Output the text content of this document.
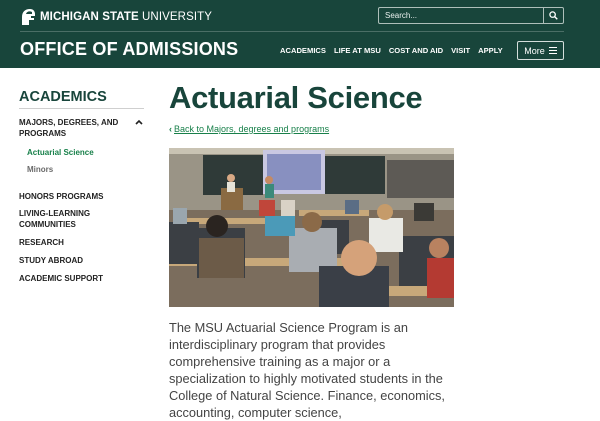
MICHIGAN STATE UNIVERSITY
Search...
OFFICE OF ADMISSIONS	ACADEMICS LIFE AT MSU COST AND AID VISIT APPLY More
ACADEMICS
MAJORS, DEGREES, AND PROGRAMS
Actuarial Science
Minors
HONORS PROGRAMS
LIVING-LEARNING COMMUNITIES
RESEARCH
STUDY ABROAD
ACADEMIC SUPPORT
Actuarial Science
‹ Back to Majors, degrees and programs

The MSU Actuarial Science Program is an interdisciplinary program that provides comprehensive training as a major or a specialization to highly motivated students in the College of Natural Science. Finance, economics, accounting, computer science,
